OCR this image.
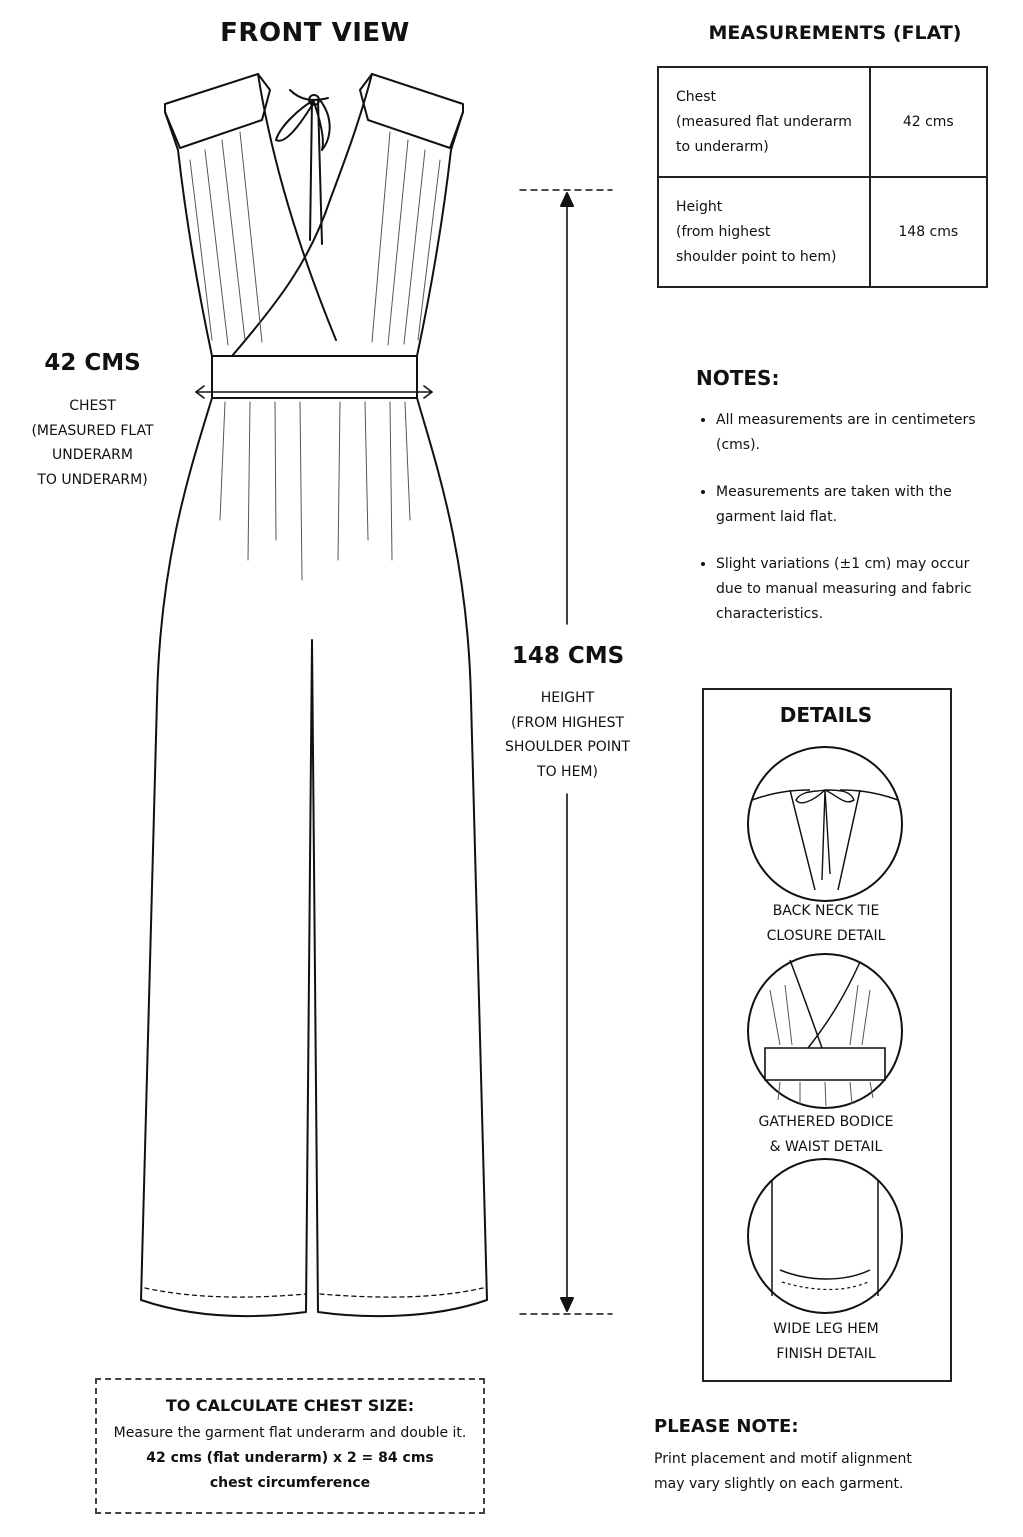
FRONT VIEW	MEASUREMENTS (FLAT)
Chest
(measured flat underarm
to underarm)	42 cms

Height
(from highest
shoulder point to hem)	148 cms
42 CMS
CHEST
(MEASURED FLAT
UNDERARM
TO UNDERARM)
148 CMS
HEIGHT
(FROM HIGHEST
SHOULDER POINT
TO HEM)
NOTES:
• All measurements are in centimeters (cms).
• Measurements are taken with the garment laid flat.
• Slight variations (±1 cm) may occur due to manual measuring and fabric characteristics.
DETAILS
BACK NECK TIE
CLOSURE DETAIL
GATHERED BODICE
& WAIST DETAIL
WIDE LEG HEM
FINISH DETAIL
TO CALCULATE CHEST SIZE:
Measure the garment flat underarm and double it.
42 cms (flat underarm) x 2 = 84 cms
chest circumference
PLEASE NOTE:
Print placement and motif alignment
may vary slightly on each garment.
